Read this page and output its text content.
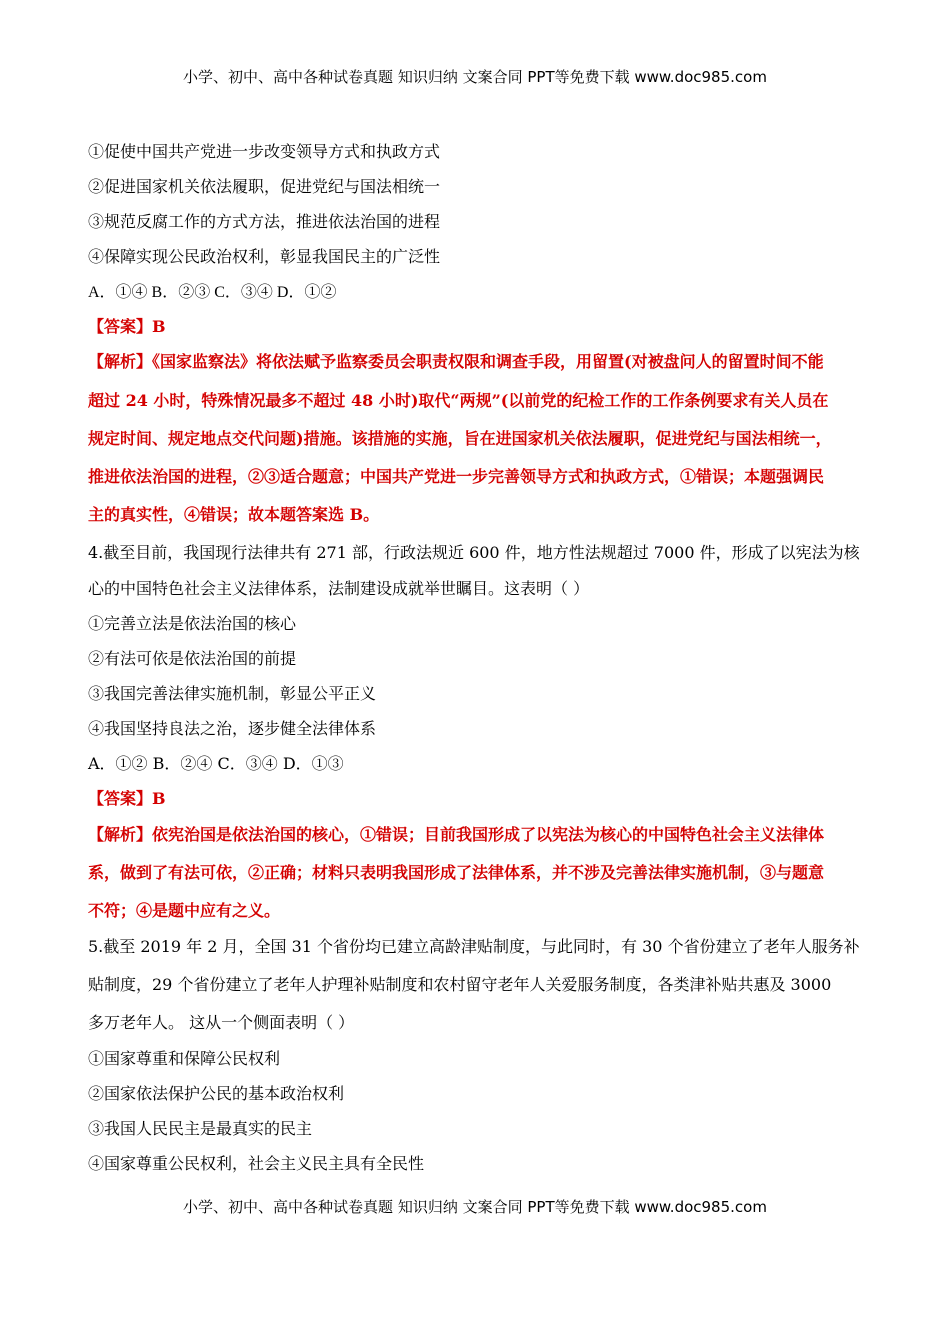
小学、初中、高中各种试卷真题 知识归纳 文案合同 PPT等免费下载 www.doc985.com
①促使中国共产党进一步改变领导方式和执政方式
②促进国家机关依法履职，促进党纪与国法相统一
③规范反腐工作的方式方法，推进依法治国的进程
④保障实现公民政治权利，彰显我国民主的广泛性
A．①④ B．②③ C．③④ D．①②
【答案】B
【解析】《国家监察法》将依法赋予监察委员会职责权限和调查手段，用留置(对被盘问人的留置时间不能
超过 24 小时，特殊情况最多不超过 48 小时)取代“两规”(以前党的纪检工作的工作条例要求有关人员在
规定时间、规定地点交代问题)措施。该措施的实施，旨在进国家机关依法履职，促进党纪与国法相统一，
推进依法治国的进程，②③适合题意；中国共产党进一步完善领导方式和执政方式，①错误；本题强调民
主的真实性，④错误；故本题答案选 B。
4.截至目前，我国现行法律共有 271 部，行政法规近 600 件，地方性法规超过 7000 件，形成了以宪法为核
心的中国特色社会主义法律体系，法制建设成就举世瞩目。这表明（ ）
①完善立法是依法治国的核心
②有法可依是依法治国的前提
③我国完善法律实施机制，彰显公平正义
④我国坚持良法之治，逐步健全法律体系
A．①② B．②④ C．③④ D．①③
【答案】B
【解析】依宪治国是依法治国的核心，①错误；目前我国形成了以宪法为核心的中国特色社会主义法律体
系，做到了有法可依，②正确；材料只表明我国形成了法律体系，并不涉及完善法律实施机制，③与题意
不符；④是题中应有之义。
5.截至 2019 年 2 月，全国 31 个省份均已建立高龄津贴制度，与此同时，有 30 个省份建立了老年人服务补
贴制度，29 个省份建立了老年人护理补贴制度和农村留守老年人关爱服务制度，各类津补贴共惠及 3000
多万老年人。 这从一个侧面表明（ ）
①国家尊重和保障公民权利
②国家依法保护公民的基本政治权利
③我国人民民主是最真实的民主
④国家尊重公民权利，社会主义民主具有全民性
小学、初中、高中各种试卷真题 知识归纳 文案合同 PPT等免费下载 www.doc985.com
